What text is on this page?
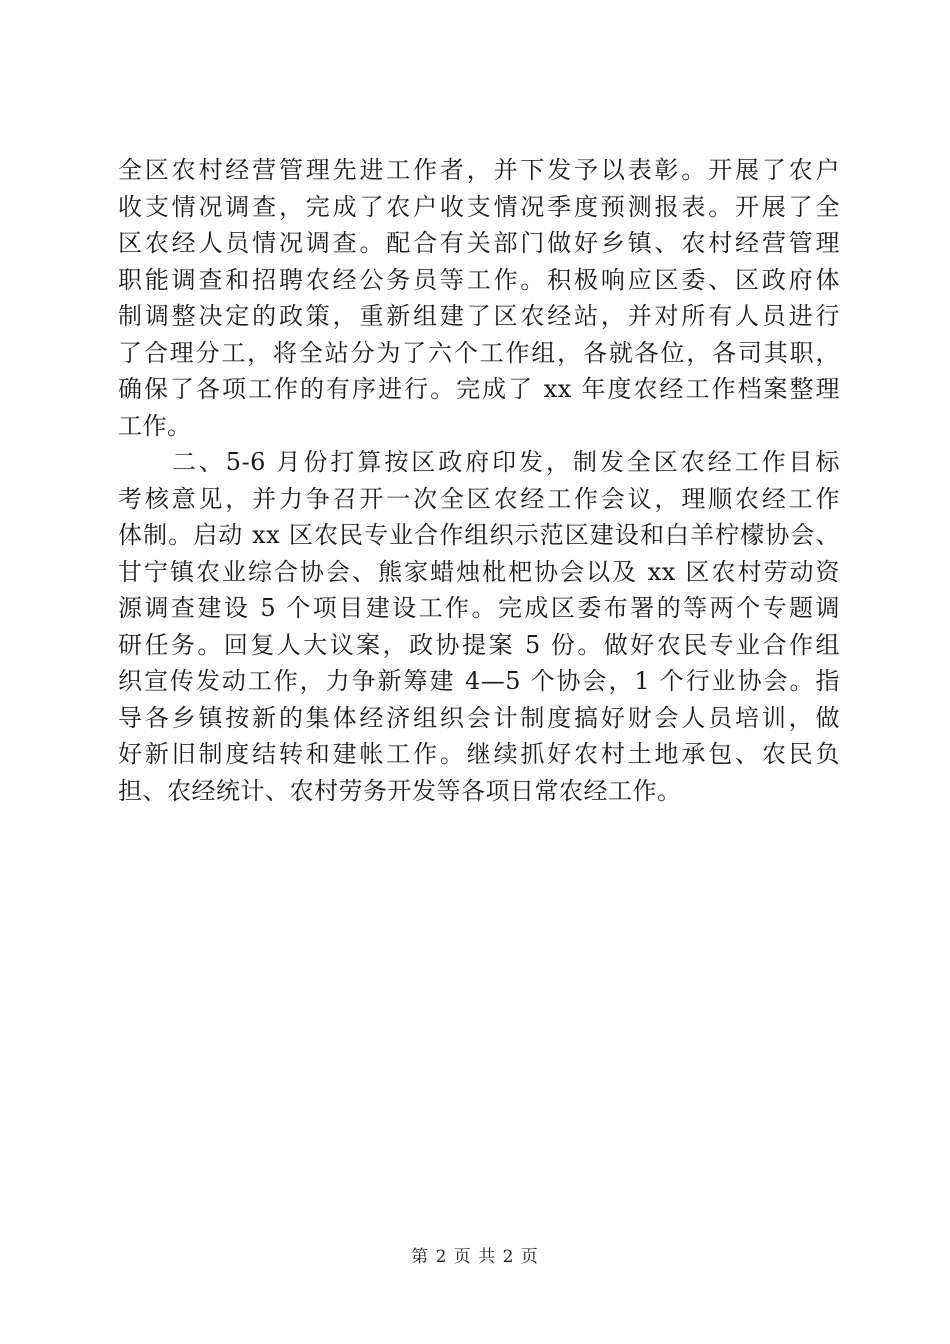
全区农村经营管理先进工作者，并下发予以表彰。开展了农户
收支情况调查，完成了农户收支情况季度预测报表。开展了全
区农经人员情况调查。配合有关部门做好乡镇、农村经营管理
职能调查和招聘农经公务员等工作。积极响应区委、区政府体
制调整决定的政策，重新组建了区农经站，并对所有人员进行
了合理分工，将全站分为了六个工作组，各就各位，各司其职，
确保了各项工作的有序进行。完成了 xx 年度农经工作档案整理
工作。
　　二、5-6 月份打算按区政府印发，制发全区农经工作目标
考核意见，并力争召开一次全区农经工作会议，理顺农经工作
体制。启动 xx 区农民专业合作组织示范区建设和白羊柠檬协会、
甘宁镇农业综合协会、熊家蜡烛枇杷协会以及 xx 区农村劳动资
源调查建设 5 个项目建设工作。完成区委布署的等两个专题调
研任务。回复人大议案，政协提案 5 份。做好农民专业合作组
织宣传发动工作，力争新筹建 4—5 个协会，1 个行业协会。指
导各乡镇按新的集体经济组织会计制度搞好财会人员培训，做
好新旧制度结转和建帐工作。继续抓好农村土地承包、农民负
担、农经统计、农村劳务开发等各项日常农经工作。
第 2 页 共 2 页
